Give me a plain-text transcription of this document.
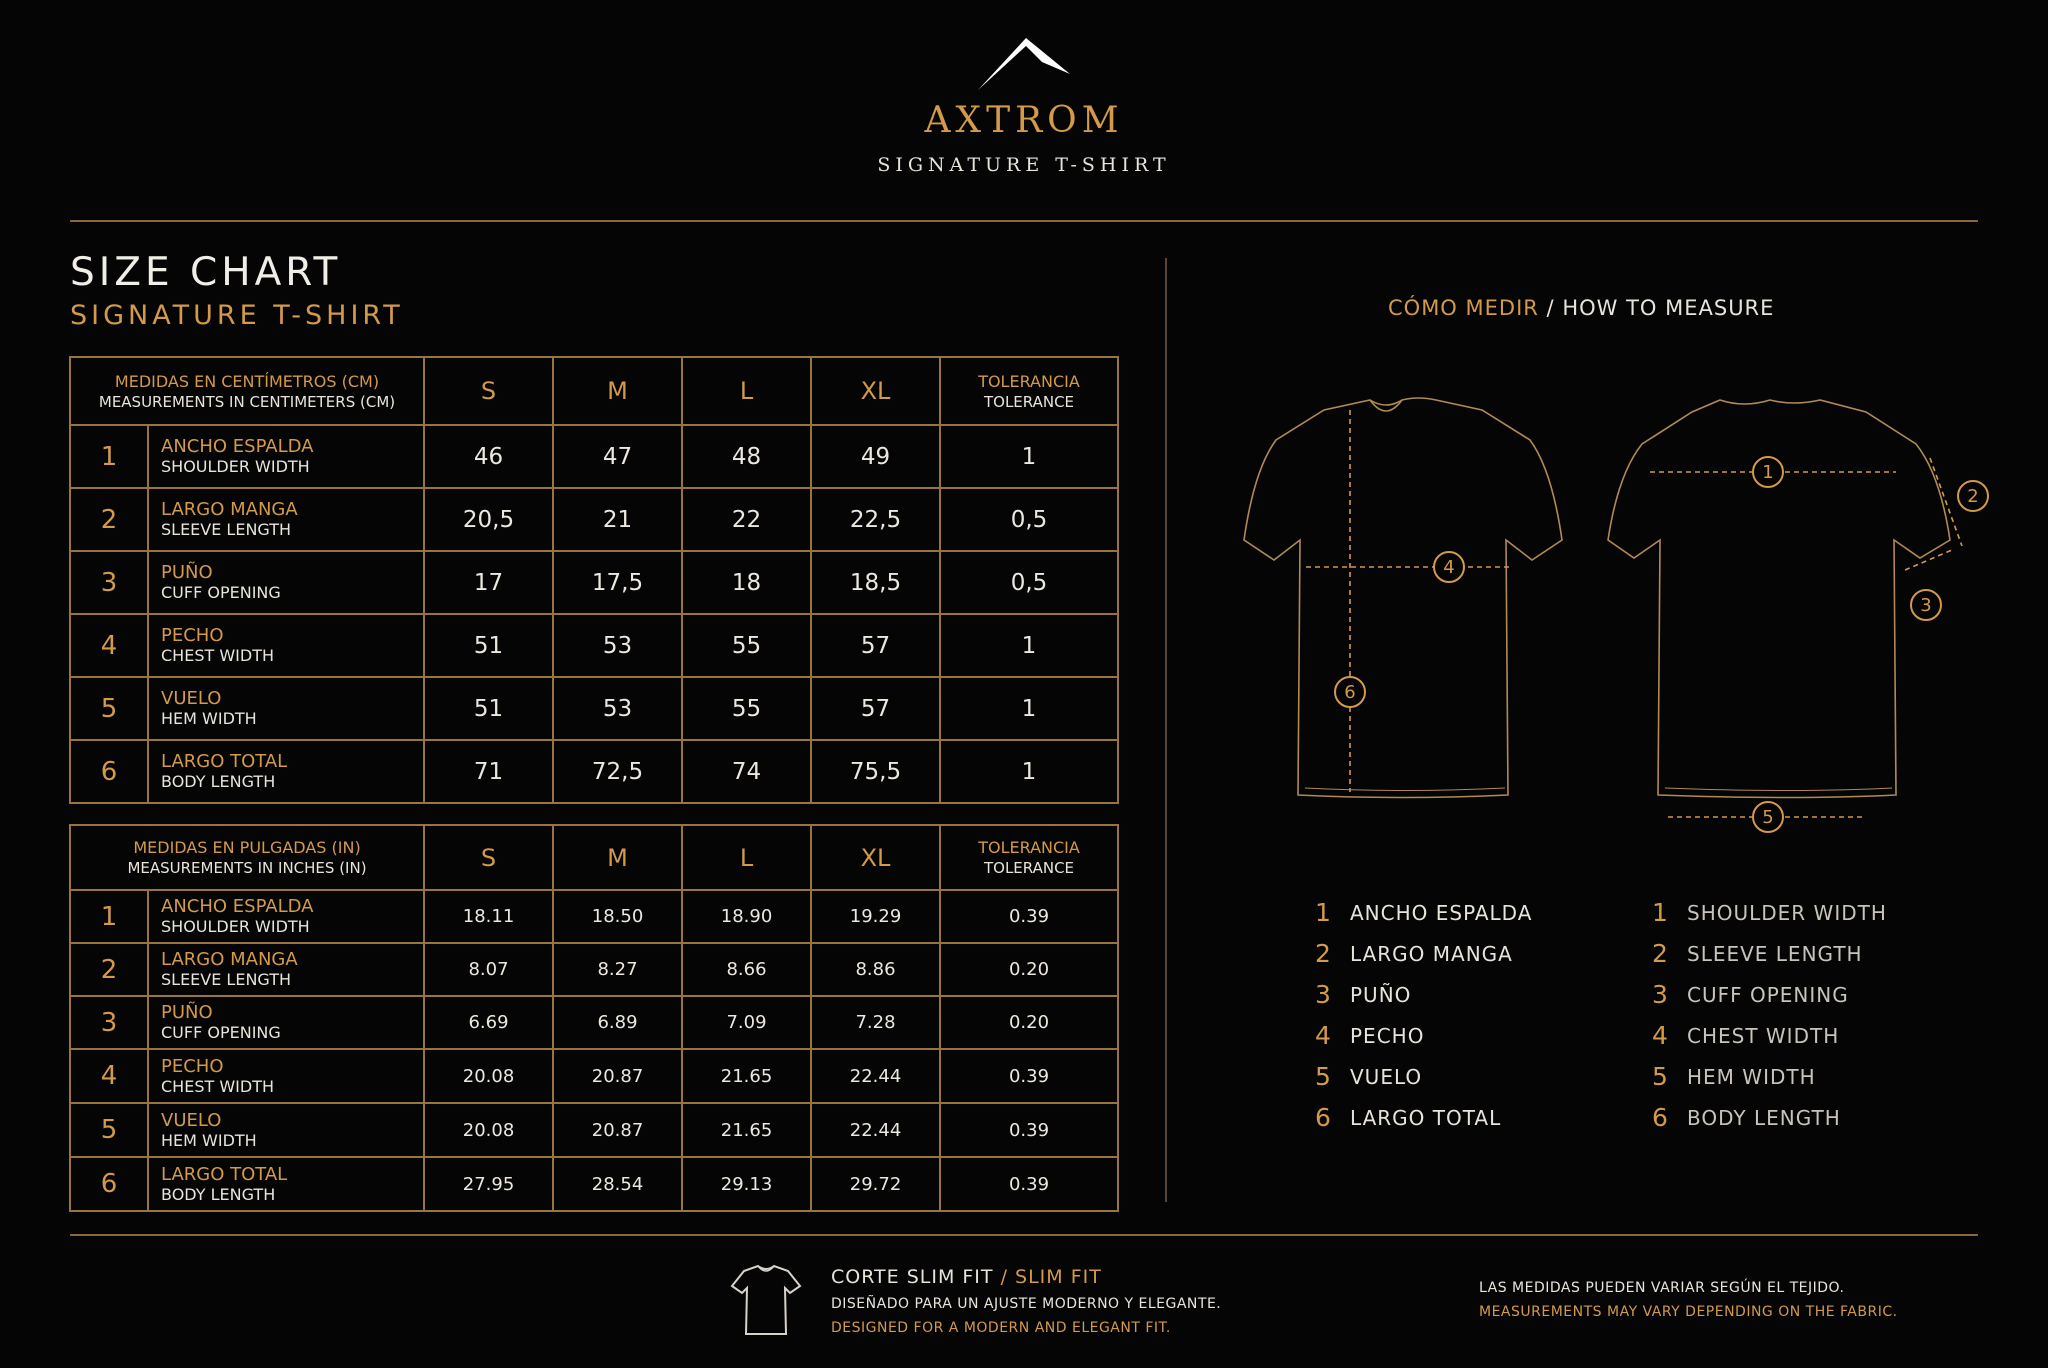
AXTROM
SIGNATURE T-SHIRT
SIZE CHART
SIGNATURE T-SHIRT
MEDIDAS EN CENTÍMETROS (CM)
MEASUREMENTS IN CENTIMETERS (CM)		S	M	L	XL	TOLERANCIA
TOLERANCE

1	ANCHO ESPALDA
SHOULDER WIDTH	46	47	48	49	1
2	LARGO MANGA
SLEEVE LENGTH	20,5	21	22	22,5	0,5
3	PUÑO
CUFF OPENING	17	17,5	18	18,5	0,5
4	PECHO
CHEST WIDTH	51	53	55	57	1
5	VUELO
HEM WIDTH	51	53	55	57	1
6	LARGO TOTAL
BODY LENGTH	71	72,5	74	75,5	1
MEDIDAS EN PULGADAS (IN)
MEASUREMENTS IN INCHES (IN)		S	M	L	XL	TOLERANCIA
TOLERANCE

1	ANCHO ESPALDA
SHOULDER WIDTH	18.11	18.50	18.90	19.29	0.39
2	LARGO MANGA
SLEEVE LENGTH	8.07	8.27	8.66	8.86	0.20
3	PUÑO
CUFF OPENING	6.69	6.89	7.09	7.28	0.20
4	PECHO
CHEST WIDTH	20.08	20.87	21.65	22.44	0.39
5	VUELO
HEM WIDTH	20.08	20.87	21.65	22.44	0.39
6	LARGO TOTAL
BODY LENGTH	27.95	28.54	29.13	29.72	0.39
CÓMO MEDIR / HOW TO MEASURE
1
2
3
4
5
6
1 ANCHO ESPALDA
2 LARGO MANGA
3 PUÑO
4 PECHO
5 VUELO
6 LARGO TOTAL
1 SHOULDER WIDTH
2 SLEEVE LENGTH
3 CUFF OPENING
4 CHEST WIDTH
5 HEM WIDTH
6 BODY LENGTH
CORTE SLIM FIT / SLIM FIT
DISEÑADO PARA UN AJUSTE MODERNO Y ELEGANTE.
DESIGNED FOR A MODERN AND ELEGANT FIT.
LAS MEDIDAS PUEDEN VARIAR SEGÚN EL TEJIDO.
MEASUREMENTS MAY VARY DEPENDING ON THE FABRIC.
